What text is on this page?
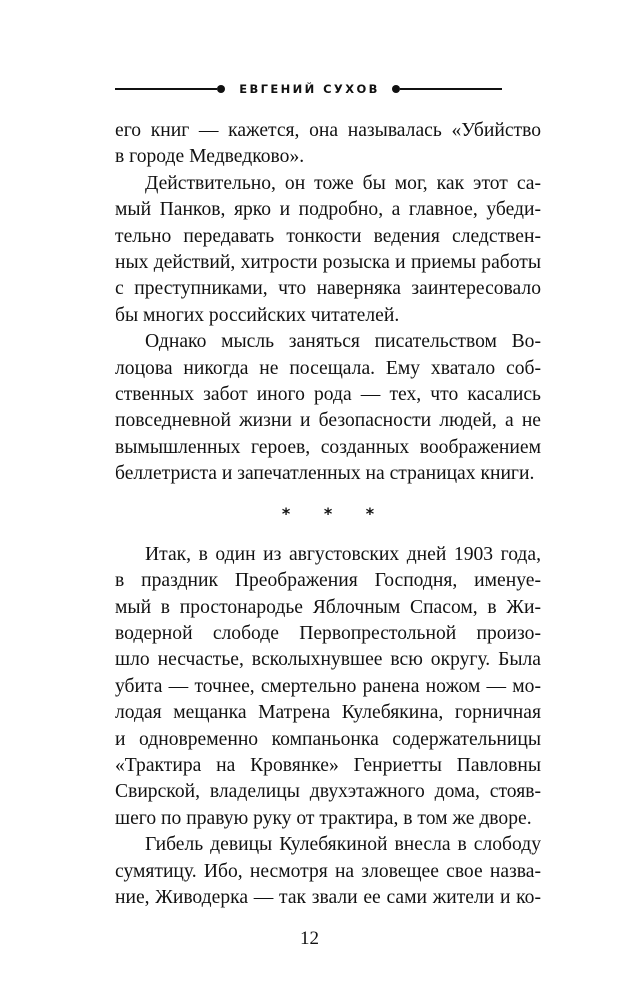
ЕВГЕНИЙ СУХОВ
его книг — кажется, она называлась «Убийство
в городе Медведково».
Действительно, он тоже бы мог, как этот са-
мый Панков, ярко и подробно, а главное, убеди-
тельно передавать тонкости ведения следствен-
ных действий, хитрости розыска и приемы работы
с преступниками, что наверняка заинтересовало
бы многих российских читателей.
Однако мысль заняться писательством Во-
лоцова никогда не посещала. Ему хватало соб-
ственных забот иного рода — тех, что касались
повседневной жизни и безопасности людей, а не
вымышленных героев, созданных воображением
беллетриста и запечатленных на страницах книги.
* * *
Итак, в один из августовских дней 1903 года,
в праздник Преображения Господня, именуе-
мый в простонародье Яблочным Спасом, в Жи-
водерной слободе Первопрестольной произо-
шло несчастье, всколыхнувшее всю округу. Была
убита — точнее, смертельно ранена ножом — мо-
лодая мещанка Матрена Кулебякина, горничная
и одновременно компаньонка содержательницы
«Трактира на Кровянке» Генриетты Павловны
Свирской, владелицы двухэтажного дома, стояв-
шего по правую руку от трактира, в том же дворе.
Гибель девицы Кулебякиной внесла в слободу
сумятицу. Ибо, несмотря на зловещее свое назва-
ние, Живодерка — так звали ее сами жители и ко-
12
